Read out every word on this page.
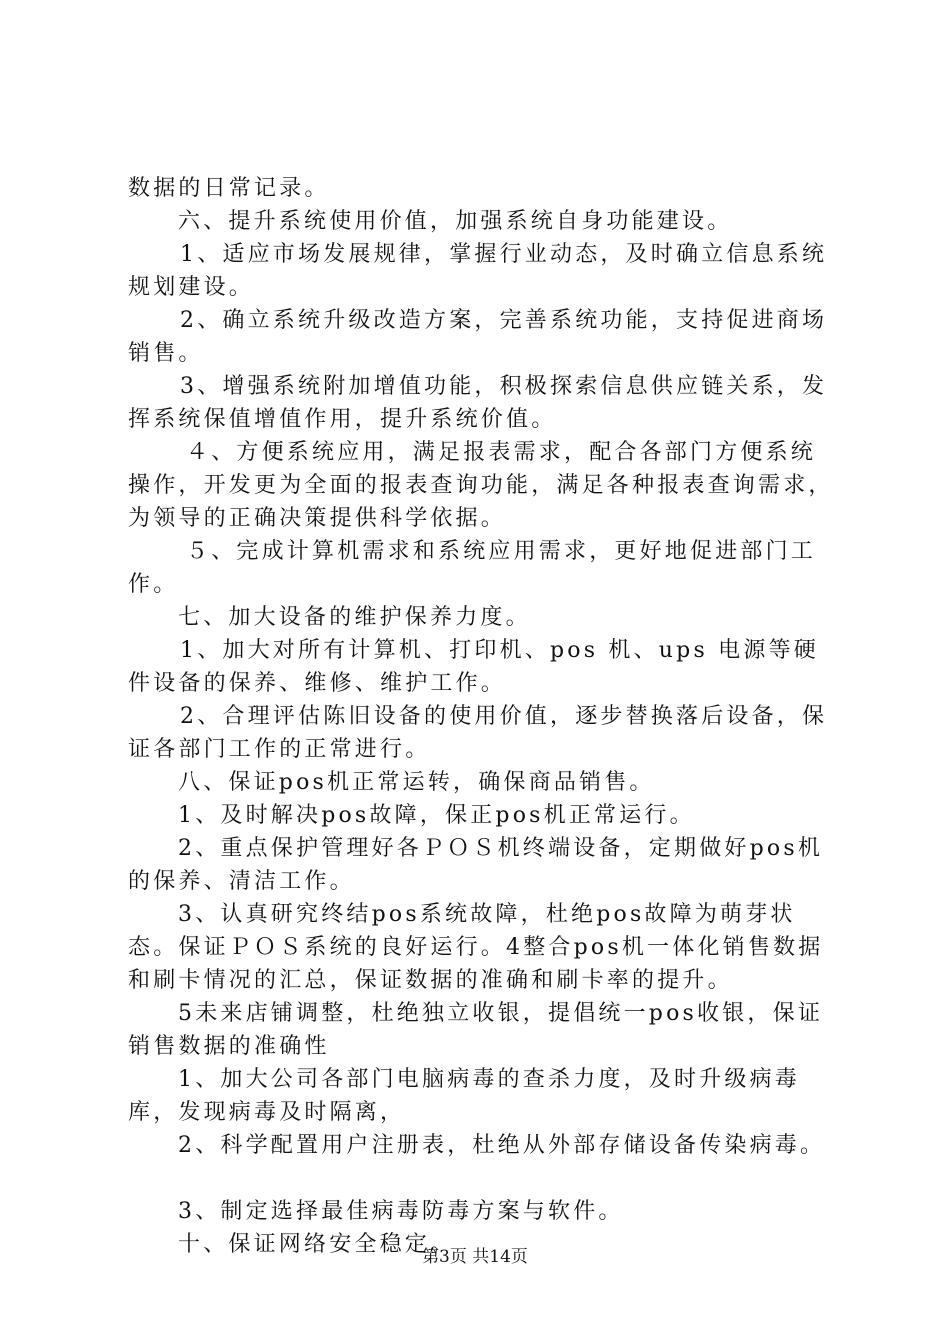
数据的日常记录。

六、提升系统使用价值，加强系统自身功能建设。

1、适应市场发展规律，掌握行业动态，及时确立信息系统规划建设。

2、确立系统升级改造方案，完善系统功能，支持促进商场销售。

3、增强系统附加增值功能，积极探索信息供应链关系，发挥系统保值增值作用，提升系统价值。

４、方便系统应用，满足报表需求，配合各部门方便系统操作，开发更为全面的报表查询功能，满足各种报表查询需求，为领导的正确决策提供科学依据。

５、完成计算机需求和系统应用需求，更好地促进部门工作。

七、加大设备的维护保养力度。

1、加大对所有计算机、打印机、pos 机、ups 电源等硬件设备的保养、维修、维护工作。

2、合理评估陈旧设备的使用价值，逐步替换落后设备，保证各部门工作的正常进行。

八、保证pos机正常运转，确保商品销售。

1、及时解决pos故障，保正pos机正常运行。

2、重点保护管理好各ＰＯＳ机终端设备，定期做好pos机的保养、清洁工作。

3、认真研究终结pos系统故障，杜绝pos故障为萌芽状态。保证ＰＯＳ系统的良好运行。4整合pos机一体化销售数据和刷卡情况的汇总，保证数据的准确和刷卡率的提升。

5未来店铺调整，杜绝独立收银，提倡统一pos收银，保证销售数据的准确性

1、加大公司各部门电脑病毒的查杀力度，及时升级病毒库，发现病毒及时隔离，

2、科学配置用户注册表，杜绝从外部存储设备传染病毒。

3、制定选择最佳病毒防毒方案与软件。

十、保证网络安全稳定。

第3页 共14页
